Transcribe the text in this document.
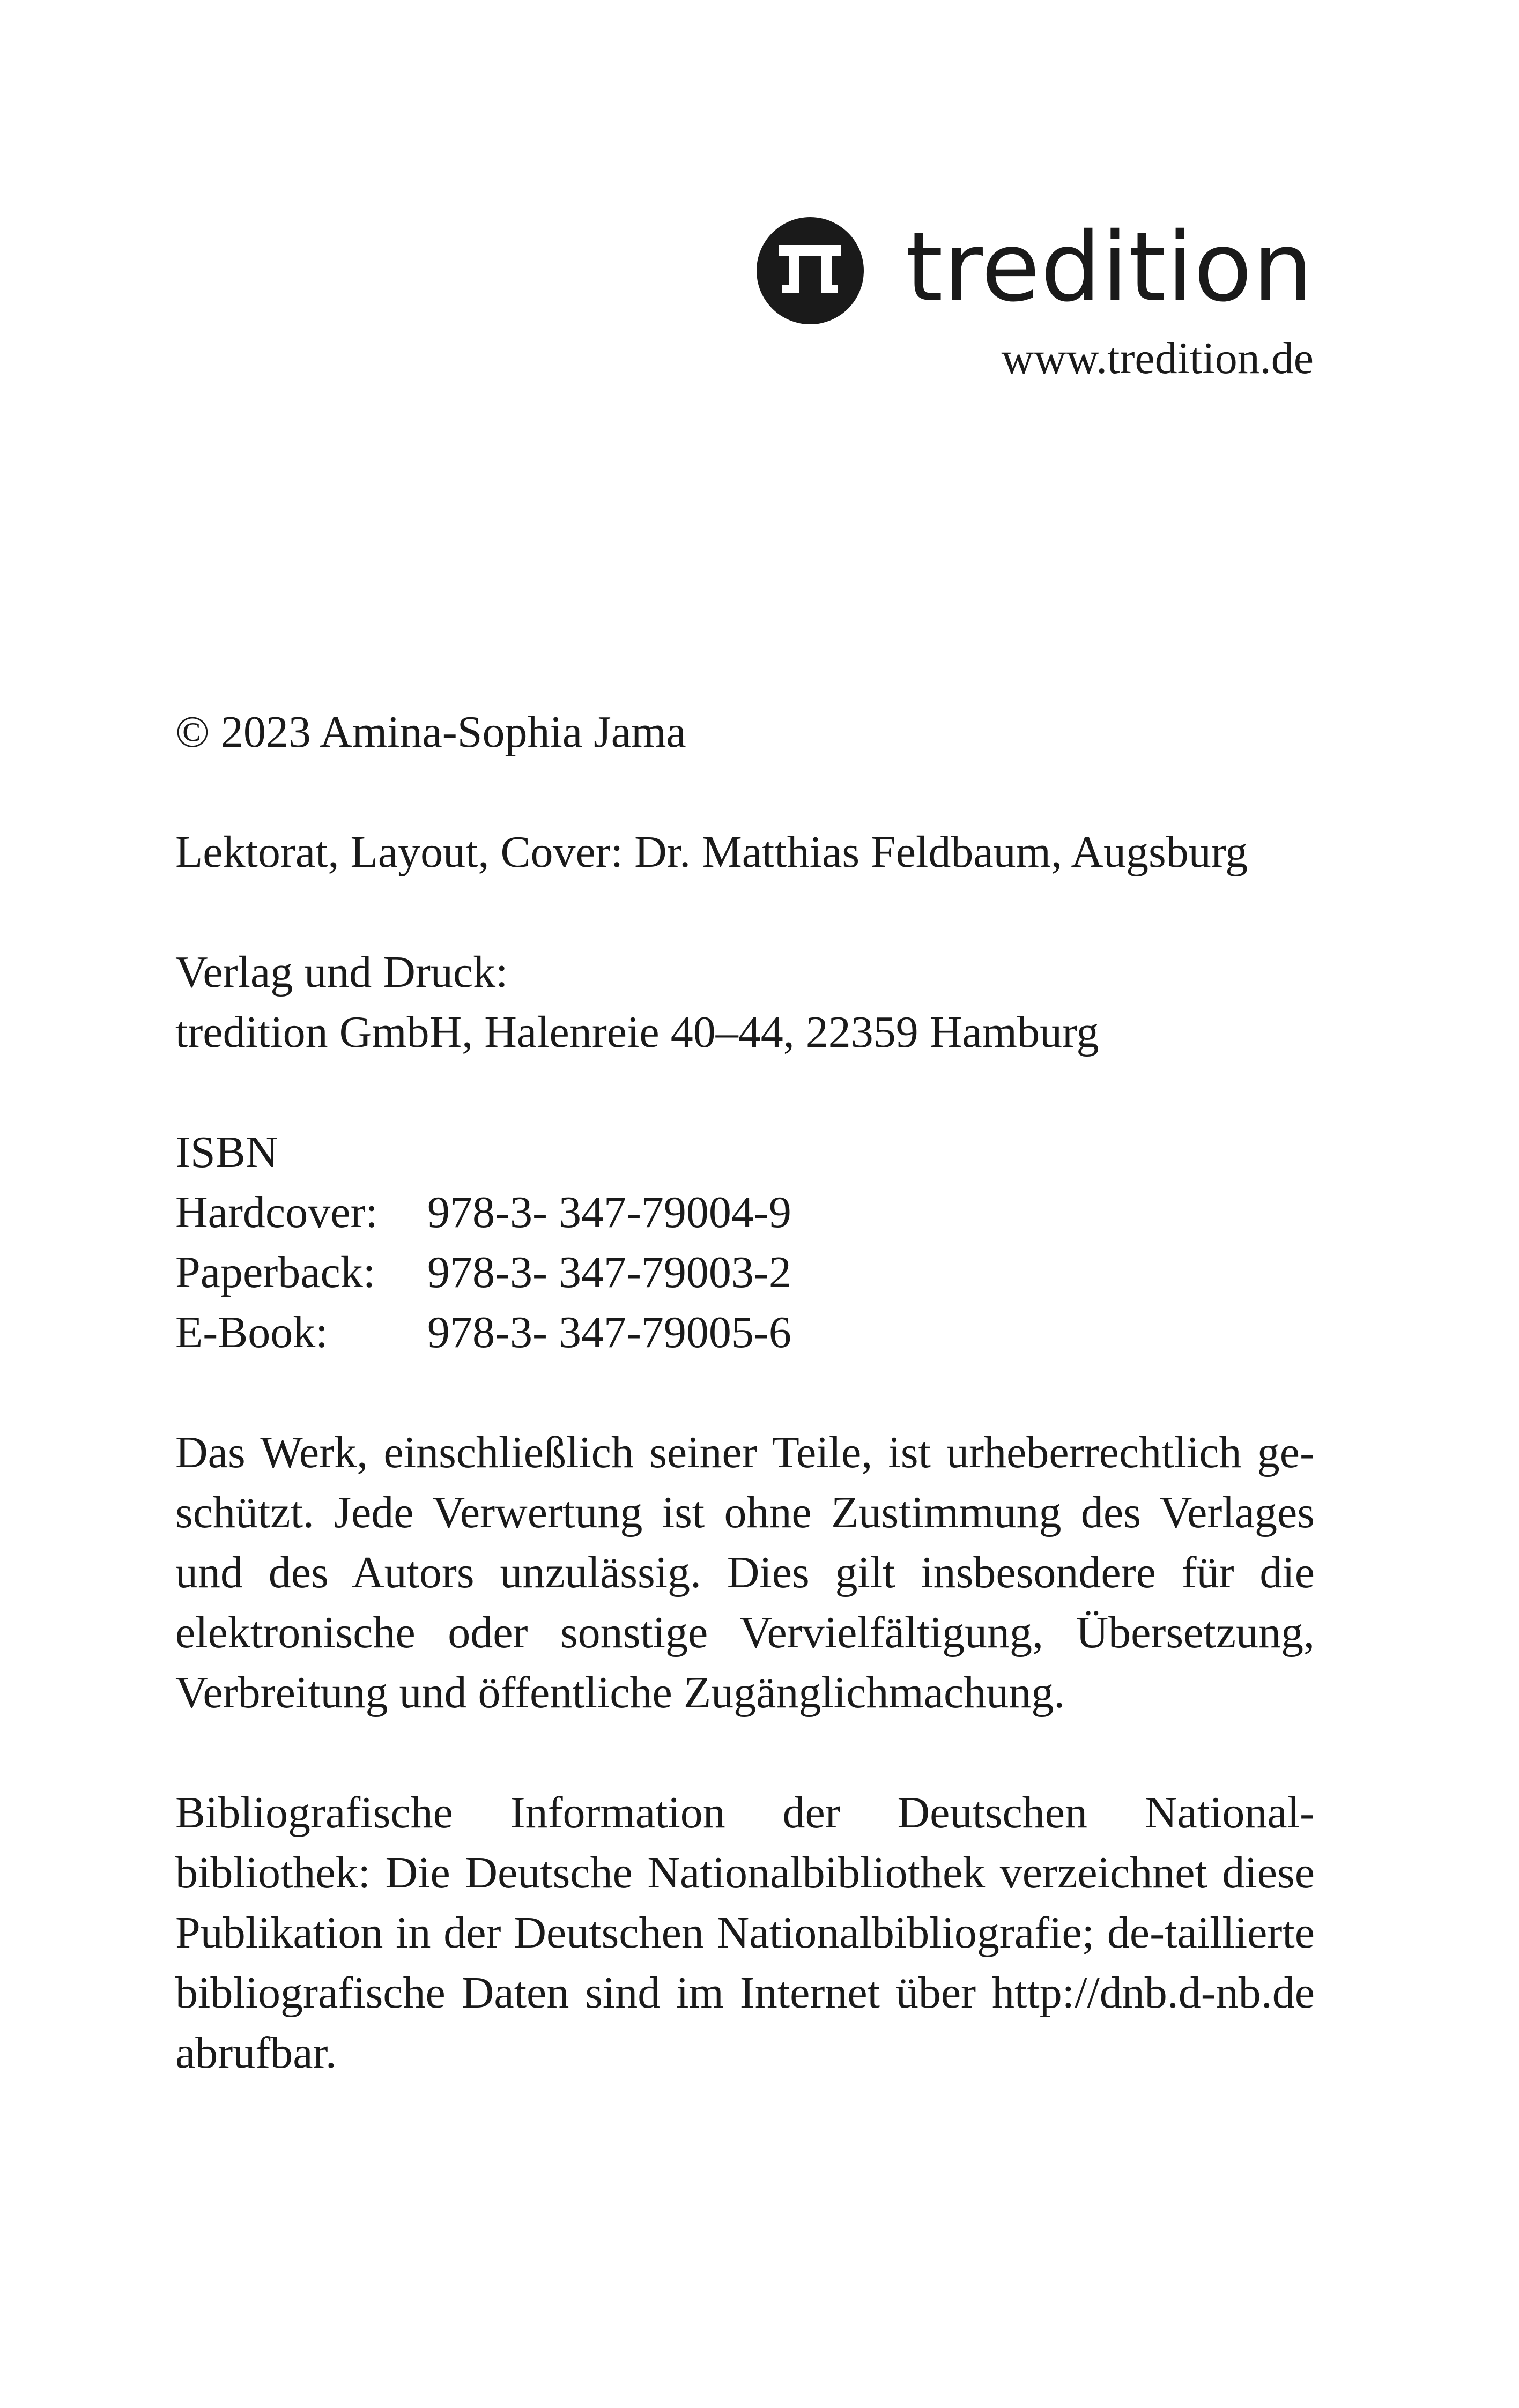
tredition
www.tredition.de

© 2023 Amina-Sophia Jama

Lektorat, Layout, Cover: Dr. Matthias Feldbaum, Augsburg

Verlag und Druck:

tredition GmbH, Halenreie 40–44, 22359 Hamburg

ISBN

Hardcover:	978-3- 347-79004-9
Paperback:	978-3- 347-79003-2
E-Book:	978-3- 347-79005-6

Das Werk, einschließlich seiner Teile, ist urheberrechtlich ge-schützt. Jede Verwertung ist ohne Zustimmung des Verlages und des Autors unzulässig. Dies gilt insbesondere für die elektronische oder sonstige Vervielfältigung, Übersetzung, Verbreitung und öffentliche Zugänglichmachung.

Bibliografische Information der Deutschen National-bibliothek: Die Deutsche Nationalbibliothek verzeichnet diese Publikation in der Deutschen Nationalbibliografie; de-taillierte bibliografische Daten sind im Internet über http://dnb.d-nb.de abrufbar.
